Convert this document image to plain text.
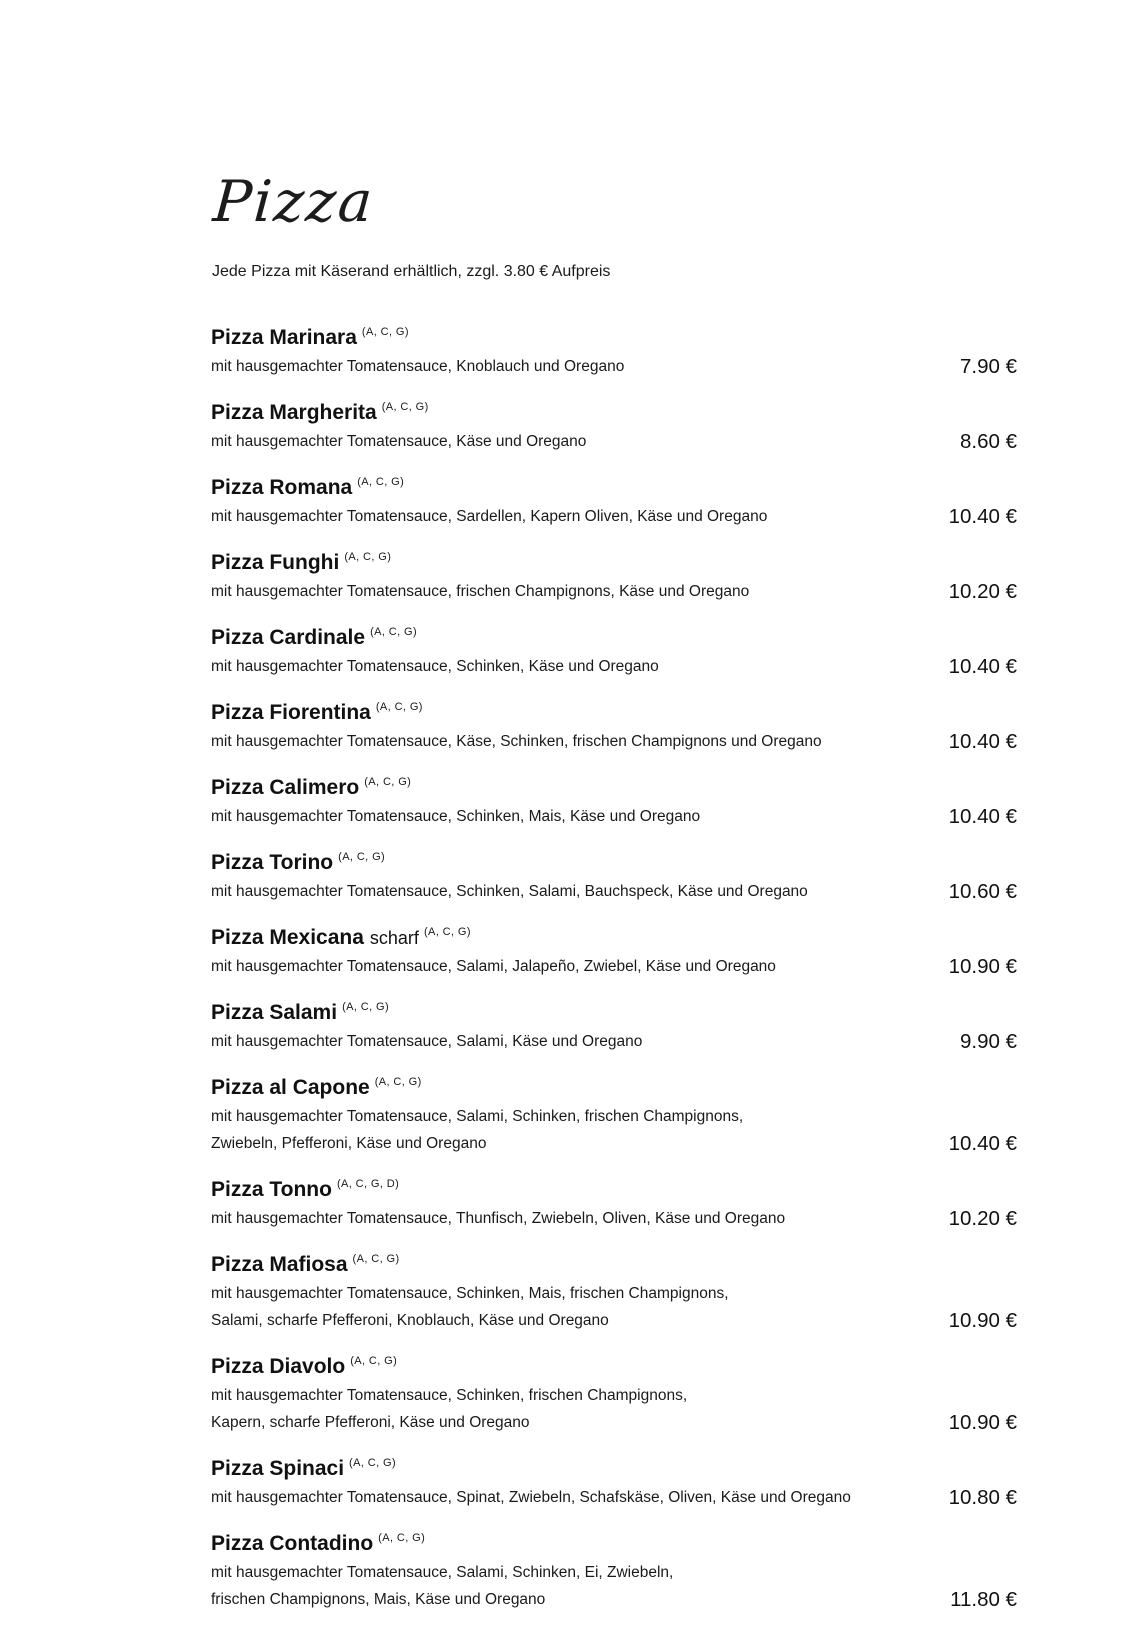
Pizza

Jede Pizza mit Käserand erhältlich, zzgl. 3.80 € Aufpreis

Pizza Marinara $^{(A, C, G)}$
mit hausgemachter Tomatensauce, Knoblauch und Oregano	7.90 €
Pizza Margherita $^{(A, C, G)}$
mit hausgemachter Tomatensauce, Käse und Oregano	8.60 €
Pizza Romana $^{(A, C, G)}$
mit hausgemachter Tomatensauce, Sardellen, Kapern Oliven, Käse und Oregano	10.40 €
Pizza Funghi $^{(A, C, G)}$
mit hausgemachter Tomatensauce, frischen Champignons, Käse und Oregano	10.20 €
Pizza Cardinale $^{(A, C, G)}$
mit hausgemachter Tomatensauce, Schinken, Käse und Oregano	10.40 €
Pizza Fiorentina $^{(A, C, G)}$
mit hausgemachter Tomatensauce, Käse, Schinken, frischen Champignons und Oregano	10.40 €
Pizza Calimero $^{(A, C, G)}$
mit hausgemachter Tomatensauce, Schinken, Mais, Käse und Oregano	10.40 €
Pizza Torino $^{(A, C, G)}$
mit hausgemachter Tomatensauce, Schinken, Salami, Bauchspeck, Käse und Oregano	10.60 €
Pizza Mexicana scharf $^{(A, C, G)}$
mit hausgemachter Tomatensauce, Salami, Jalapeño, Zwiebel, Käse und Oregano	10.90 €
Pizza Salami $^{(A, C, G)}$
mit hausgemachter Tomatensauce, Salami, Käse und Oregano	9.90 €
Pizza al Capone $^{(A, C, G)}$
mit hausgemachter Tomatensauce, Salami, Schinken, frischen Champignons,
Zwiebeln, Pfefferoni, Käse und Oregano	10.40 €
Pizza Tonno $^{(A, C, G, D)}$
mit hausgemachter Tomatensauce, Thunfisch, Zwiebeln, Oliven, Käse und Oregano	10.20 €
Pizza Mafiosa $^{(A, C, G)}$
mit hausgemachter Tomatensauce, Schinken, Mais, frischen Champignons,
Salami, scharfe Pfefferoni, Knoblauch, Käse und Oregano	10.90 €
Pizza Diavolo $^{(A, C, G)}$
mit hausgemachter Tomatensauce, Schinken, frischen Champignons,
Kapern, scharfe Pfefferoni, Käse und Oregano	10.90 €
Pizza Spinaci $^{(A, C, G)}$
mit hausgemachter Tomatensauce, Spinat, Zwiebeln, Schafskäse, Oliven, Käse und Oregano	10.80 €
Pizza Contadino $^{(A, C, G)}$
mit hausgemachter Tomatensauce, Salami, Schinken, Ei, Zwiebeln,
frischen Champignons, Mais, Käse und Oregano	11.80 €
